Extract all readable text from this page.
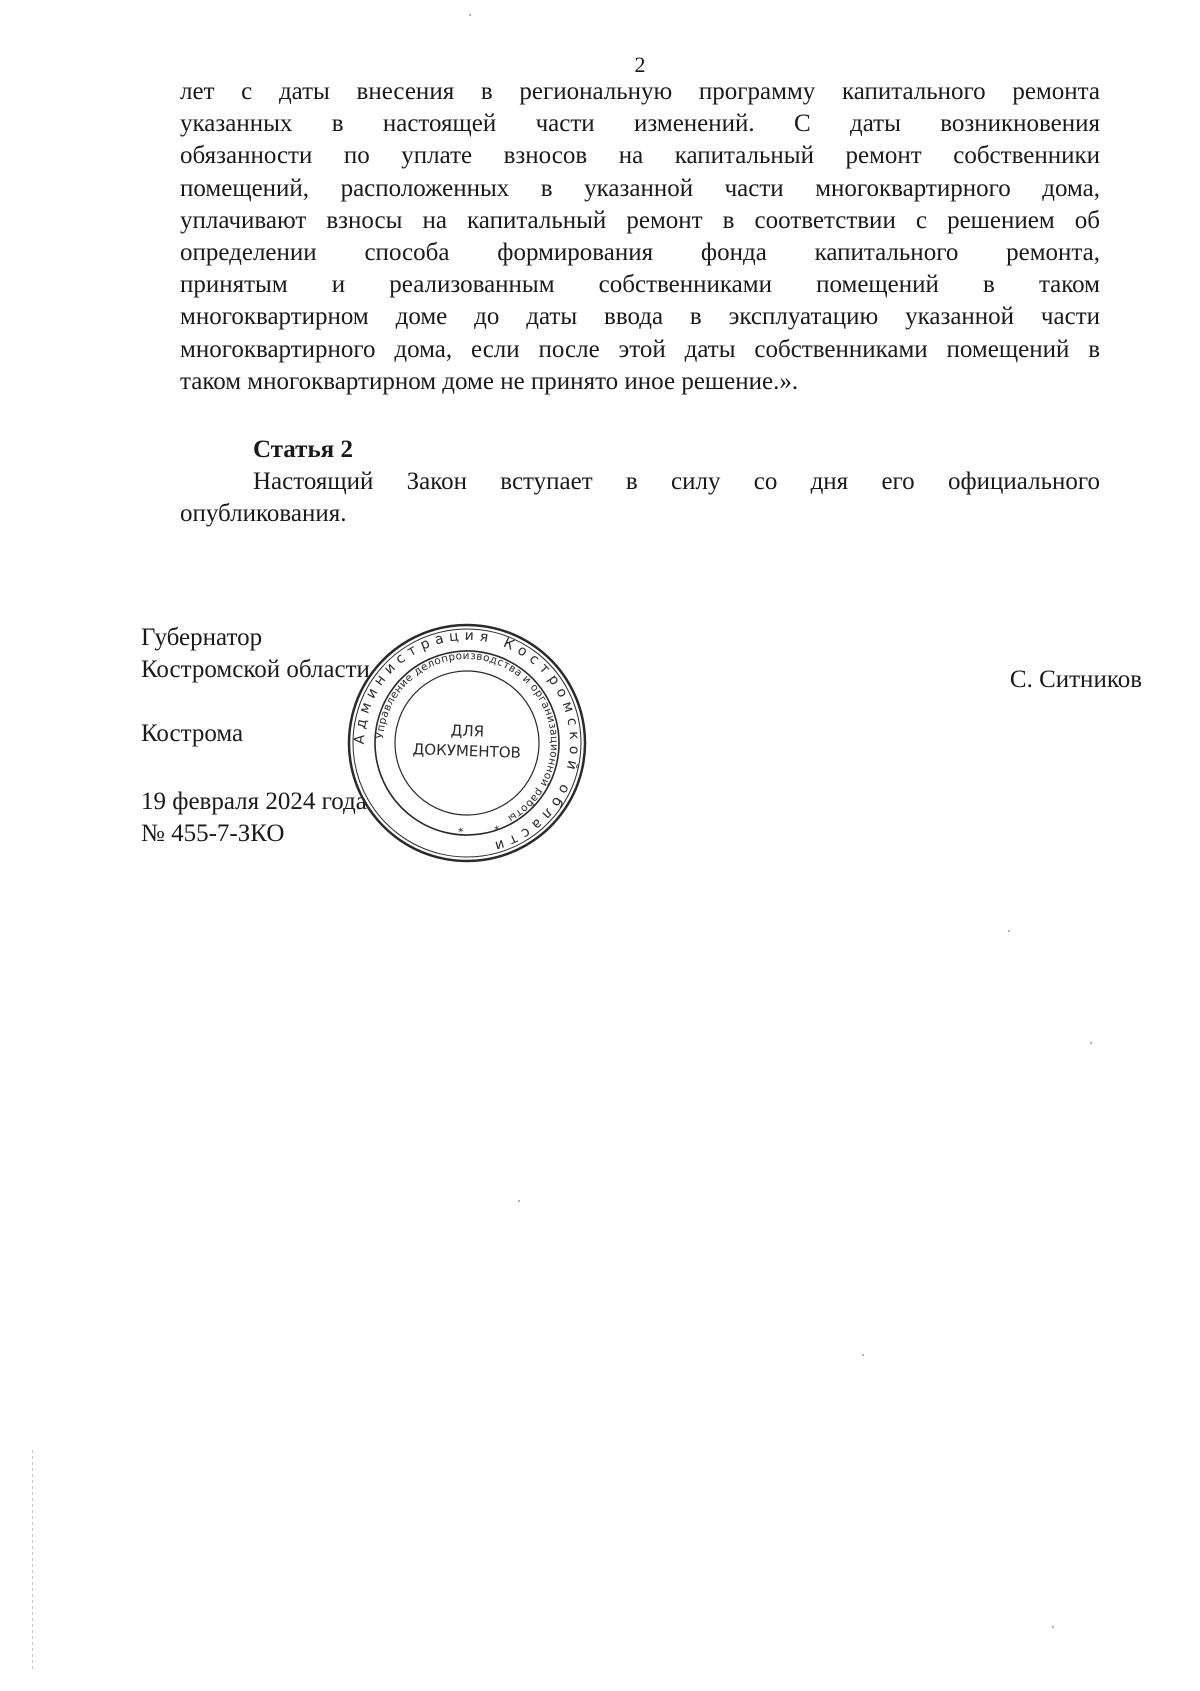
2
лет с даты внесения в региональную программу капитального ремонта
указанных в настоящей части изменений. С даты возникновения
обязанности по уплате взносов на капитальный ремонт собственники
помещений, расположенных в указанной части многоквартирного дома,
уплачивают взносы на капитальный ремонт в соответствии с решением об
определении способа формирования фонда капитального ремонта,
принятым и реализованным собственниками помещений в таком
многоквартирном доме до даты ввода в эксплуатацию указанной части
многоквартирного дома, если после этой даты собственниками помещений в
таком многоквартирном доме не принято иное решение.».
Статья 2
Настоящий Закон вступает в силу со дня его официального
опубликования.
Губернатор
Костромской области	С. Ситников
Кострома
19 февраля 2024 года
№ 455-7-ЗКО
Администрация Костромской области
Управление делопроизводства и организационной работы
ДЛЯ
ДОКУМЕНТОВ
*	*
